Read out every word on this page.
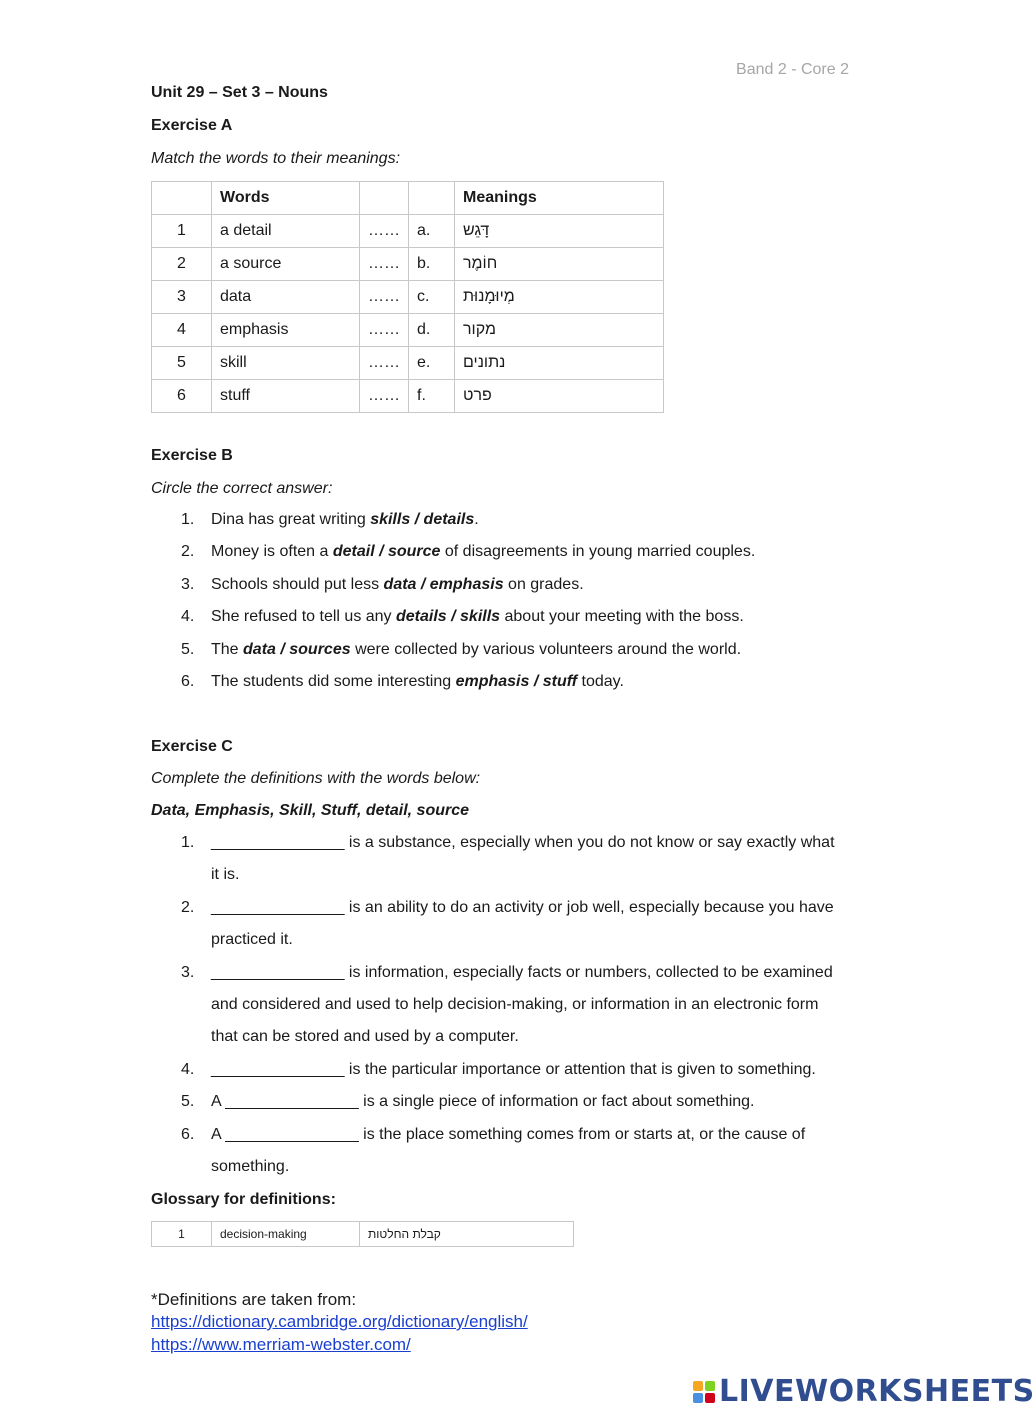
Band 2 - Core 2
Unit 29 – Set 3 – Nouns
Exercise A
Match the words to their meanings:
	Words			Meanings
1	a detail	……	a.	דָּגֵש
2	a source	……	b.	חוֹמֶר
3	data	……	c.	מְיוּמָנוּת
4	emphasis	……	d.	מקור
5	skill	……	e.	נתונים
6	stuff	……	f.	פרט
Exercise B
Circle the correct answer:
1. Dina has great writing skills / details.
2. Money is often a detail / source of disagreements in young married couples.
3. Schools should put less data / emphasis on grades.
4. She refused to tell us any details / skills about your meeting with the boss.
5. The data / sources were collected by various volunteers around the world.
6. The students did some interesting emphasis / stuff today.
Exercise C
Complete the definitions with the words below:
Data, Emphasis, Skill, Stuff, detail, source
1. _______________ is a substance, especially when you do not know or say exactly what
it is.
2. _______________ is an ability to do an activity or job well, especially because you have
practiced it.
3. _______________ is information, especially facts or numbers, collected to be examined
and considered and used to help decision-making, or information in an electronic form
that can be stored and used by a computer.
4. _______________ is the particular importance or attention that is given to something.
5. A _______________ is a single piece of information or fact about something.
6. A _______________ is the place something comes from or starts at, or the cause of
something.
Glossary for definitions:
1	decision-making	קבלת החלטות
*Definitions are taken from:
https://dictionary.cambridge.org/dictionary/english/
https://www.merriam-webster.com/
LIVEWORKSHEETS
